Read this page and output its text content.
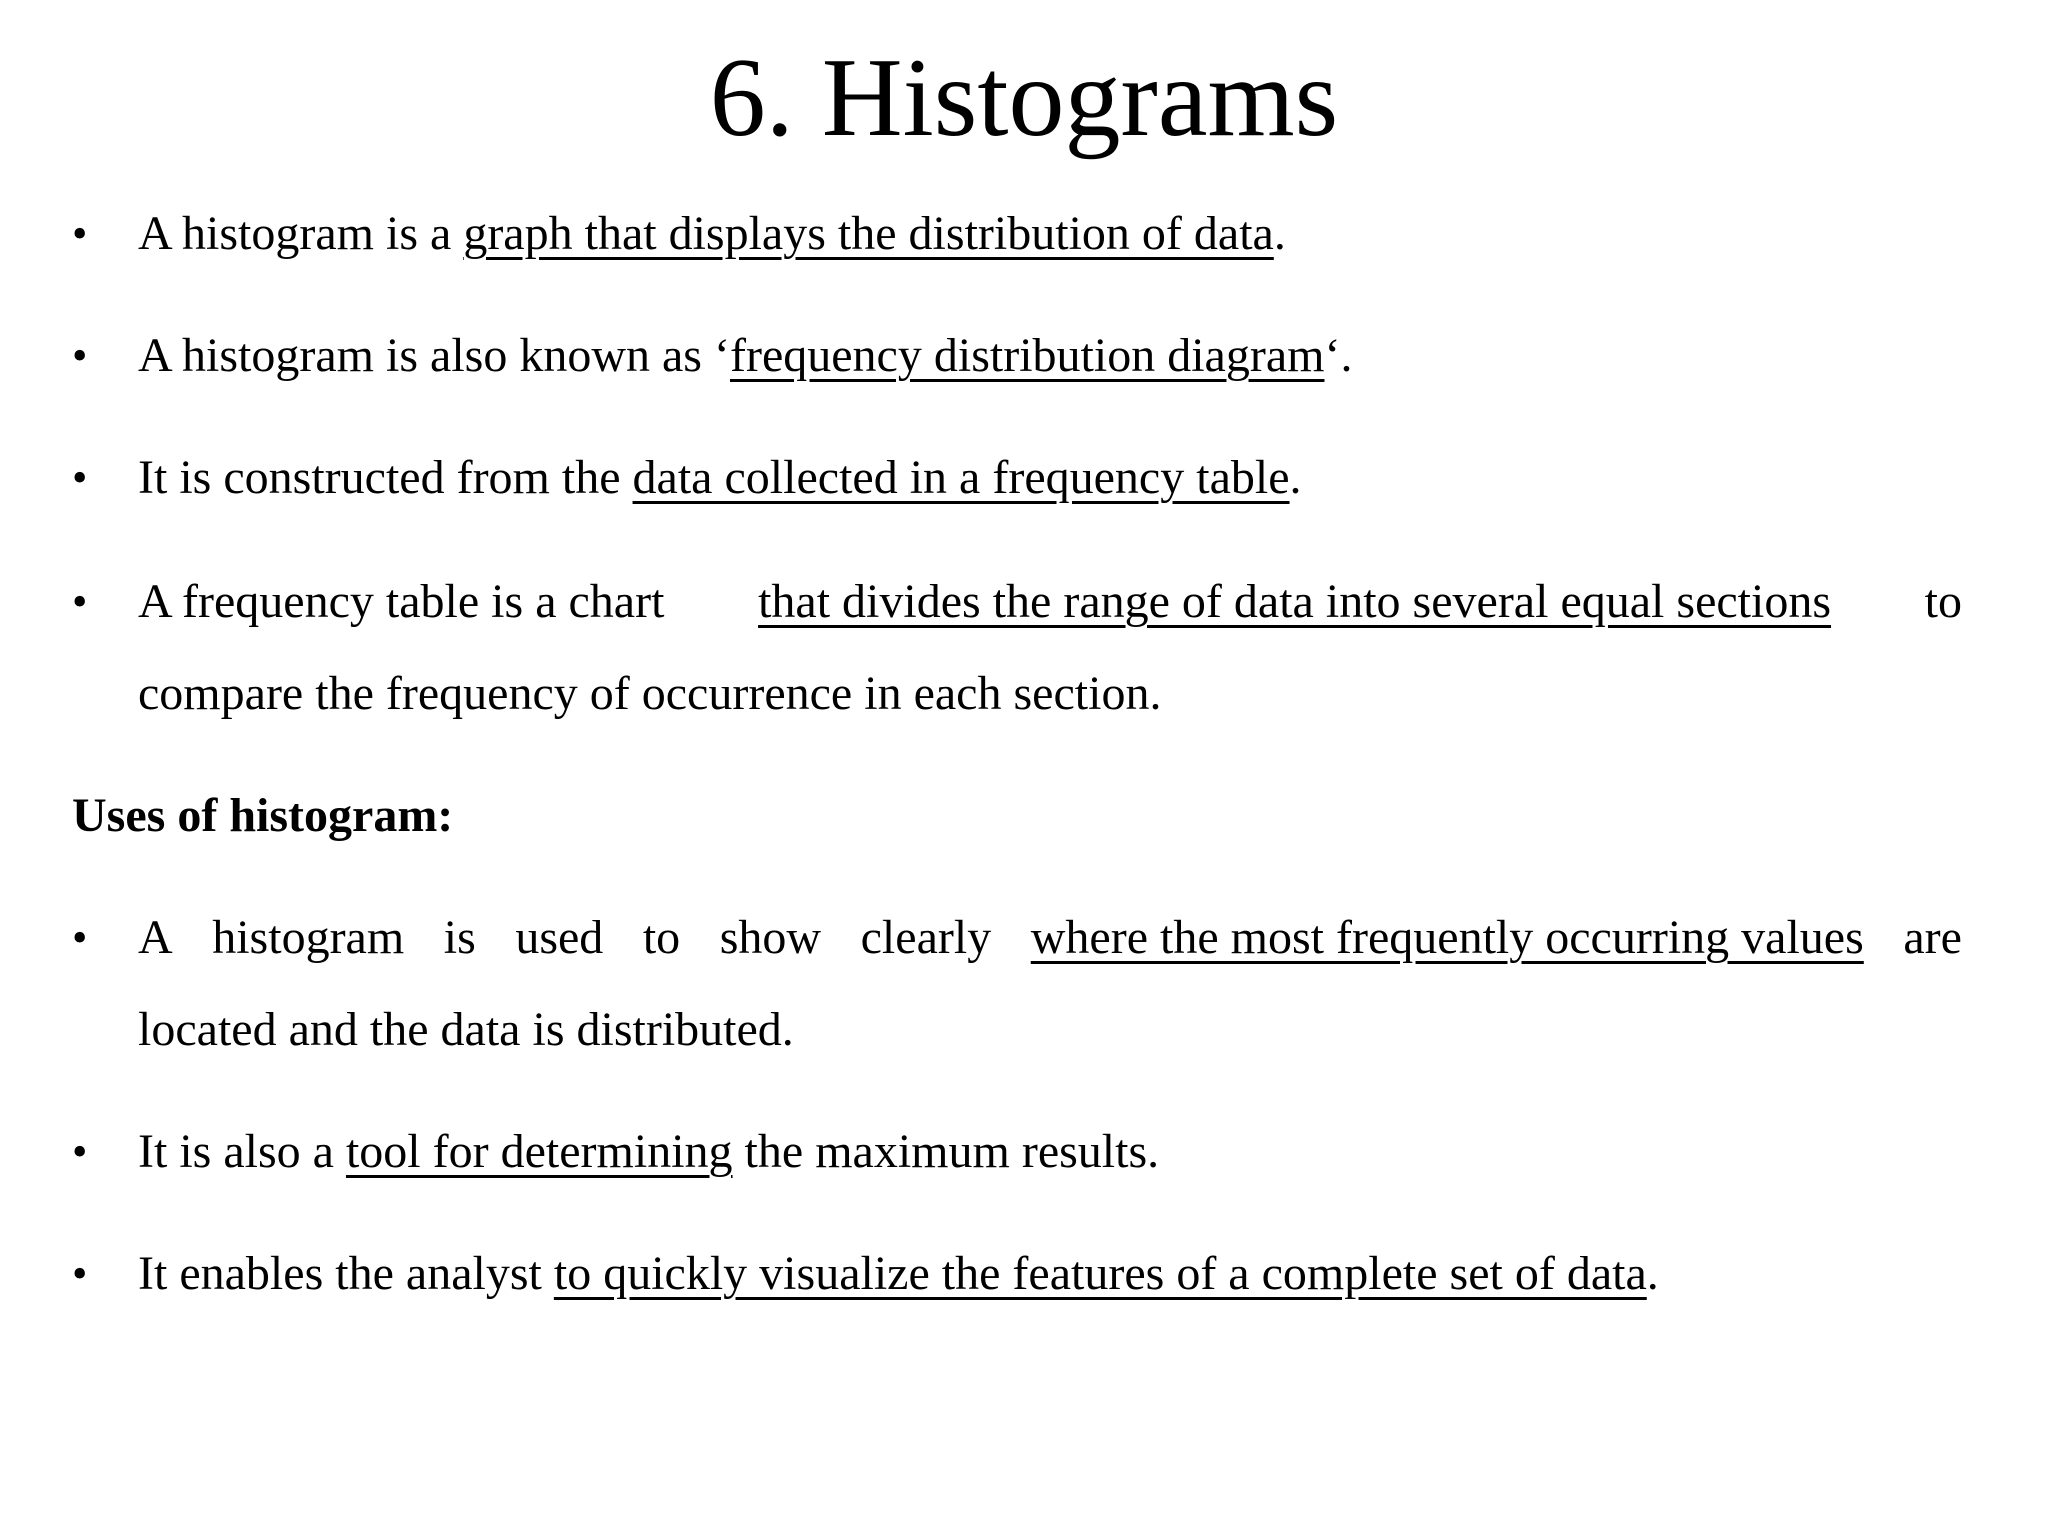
6. Histograms
• A histogram is a graph that displays the distribution of data.
• A histogram is also known as ‘frequency distribution diagram‘.
• It is constructed from the data collected in a frequency table.
• A frequency table is a chart that divides the range of data into several equal sections to
compare the frequency of occurrence in each section.
Uses of histogram:
• A histogram is used to show clearly where the most frequently occurring values are
located and the data is distributed.
• It is also a tool for determining the maximum results.
• It enables the analyst to quickly visualize the features of a complete set of data.
